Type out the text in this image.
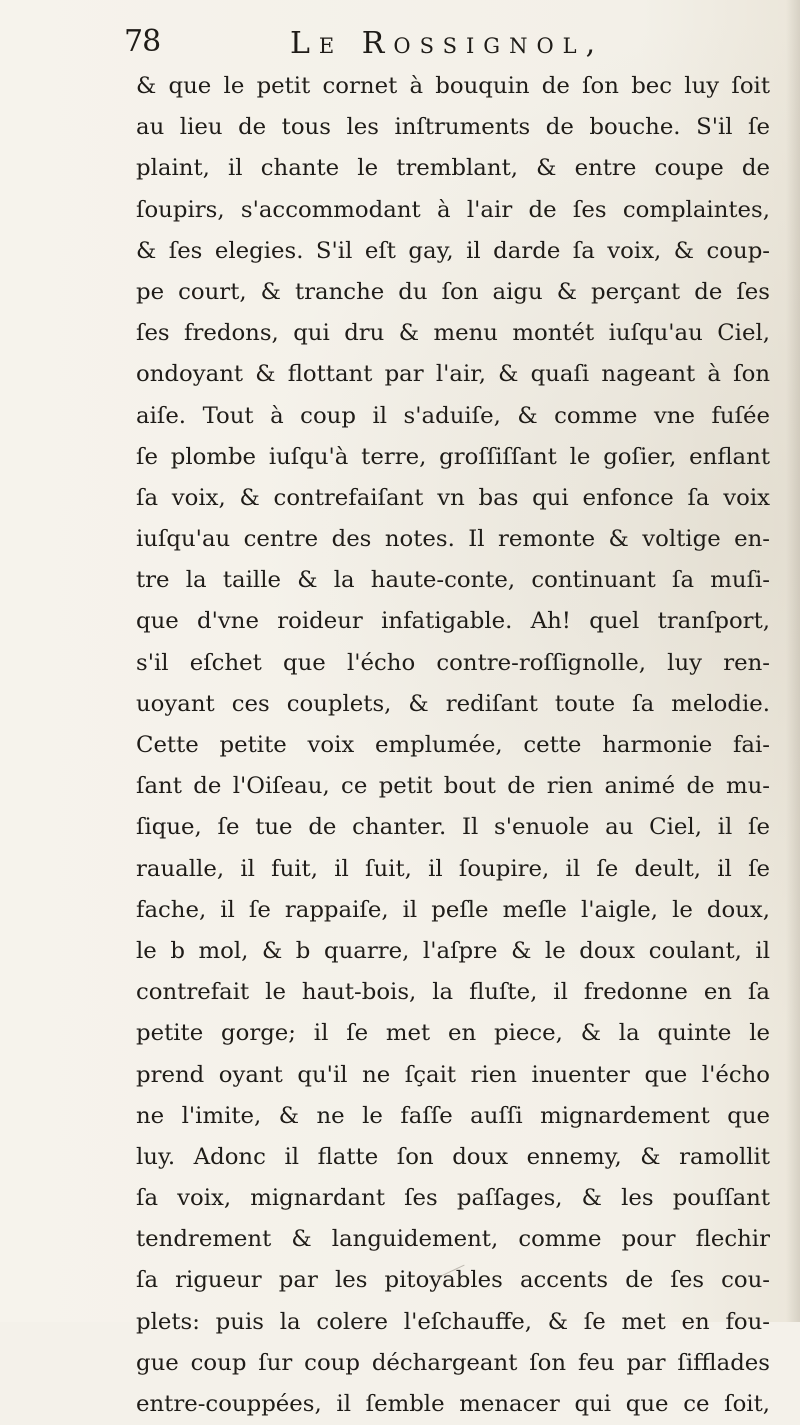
78	Le Rossignol,
& que le petit cornet à bouquin de ſon bec luy ſoit
au lieu de tous les inſtruments de bouche. S'il ſe
plaint, il chante le tremblant, & entre coupe de
ſoupirs, s'accommodant à l'air de ſes complaintes,
& ſes elegies. S'il eſt gay, il darde ſa voix, & coup-
pe court, & tranche du ſon aigu & perçant de ſes
ſes fredons, qui dru & menu montét iuſqu'au Ciel,
ondoyant & flottant par l'air, & quaſi nageant à ſon
aiſe. Tout à coup il s'aduiſe, & comme vne fuſée
ſe plombe iuſqu'à terre, groſſiſſant le goſier, enflant
ſa voix, & contrefaiſant vn bas qui enfonce ſa voix
iuſqu'au centre des notes. Il remonte & voltige en-
tre la taille & la haute-conte, continuant ſa muſi-
que d'vne roideur infatigable. Ah! quel tranſport,
s'il eſchet que l'écho contre-roſſignolle, luy ren-
uoyant ces couplets, & rediſant toute ſa melodie.
Cette petite voix emplumée, cette harmonie fai-
ſant de l'Oiſeau, ce petit bout de rien animé de mu-
ſique, ſe tue de chanter. Il s'enuole au Ciel, il ſe
raualle, il fuit, il ſuit, il ſoupire, il ſe deult, il ſe
fache, il ſe rappaiſe, il peſle meſle l'aigle, le doux,
le b mol, & b quarre, l'aſpre & le doux coulant, il
contrefait le haut-bois, la fluſte, il fredonne en ſa
petite gorge; il ſe met en piece, & la quinte le
prend oyant qu'il ne ſçait rien inuenter que l'écho
ne l'imite, & ne le faſſe auſſi mignardement que
luy. Adonc il flatte ſon doux ennemy, & ramollit
ſa voix, mignardant ſes paſſages, & les pouſſant
tendrement & languidement, comme pour flechir
ſa rigueur par les pitoyables accents de ſes cou-
plets: puis la colere l'eſchauffe, & ſe met en fou-
gue coup ſur coup déchargeant ſon feu par ſifflades
entre-couppées, il ſemble menacer qui que ce ſoit,
